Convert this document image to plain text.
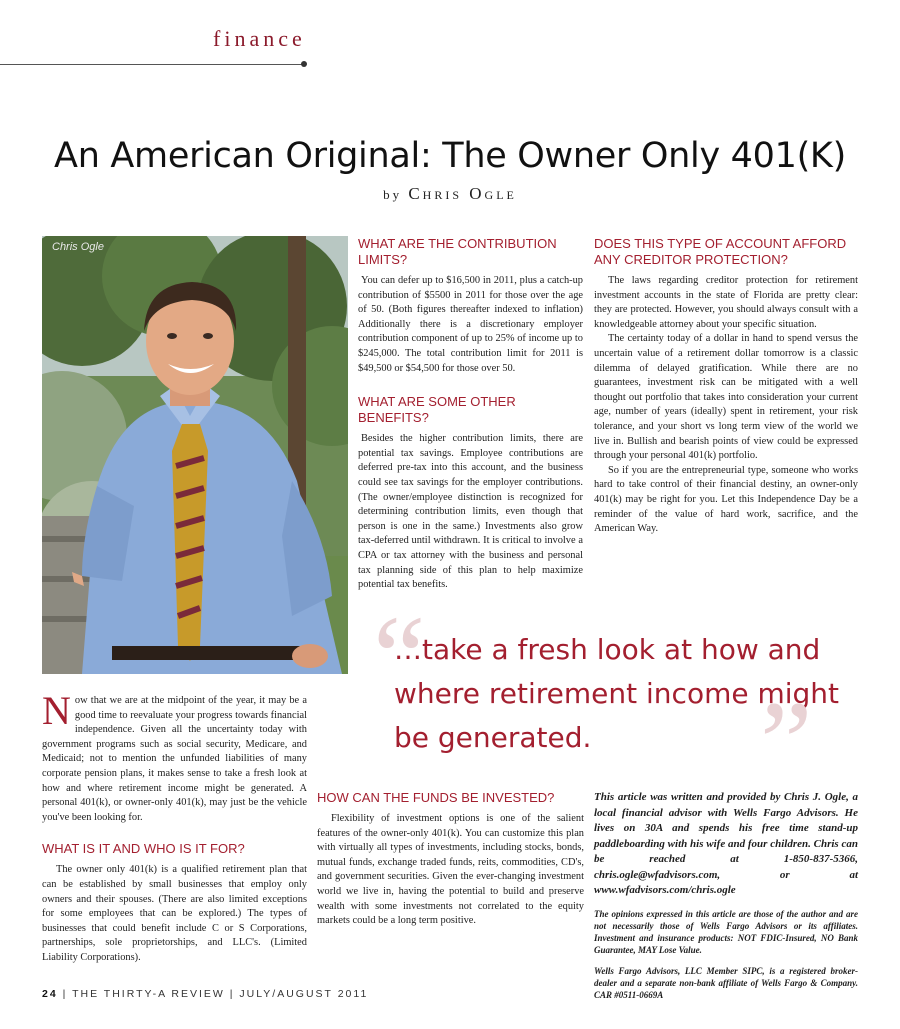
finance
An American Original: The Owner Only 401(K)
by Chris Ogle
Chris Ogle	WHAT ARE THE CONTRIBUTION LIMITS?

You can defer up to $16,500 in 2011, plus a catch-up contribution of $5500 in 2011 for those over the age of 50. (Both figures thereafter indexed to inflation) Additionally there is a discretionary employer contribution component of up to 25% of income up to $245,000. The total contribution limit for 2011 is $49,500 or $54,500 for those over 50.

WHAT ARE SOME OTHER BENEFITS?

Besides the higher contribution limits, there are potential tax savings. Employee contributions are deferred pre-tax into this account, and the business could see tax savings for the employer contributions. (The owner/employee distinction is recognized for determining contribution limits, even though that person is one in the same.) Investments also grow tax-deferred until withdrawn. It is critical to involve a CPA or tax attorney with the business and personal tax planning side of this plan to help maximize potential tax benefits.

DOES THIS TYPE OF ACCOUNT AFFORD ANY CREDITOR PROTECTION?

The laws regarding creditor protection for retirement investment accounts in the state of Florida are pretty clear: they are protected. However, you should always consult with a knowledgeable attorney about your specific situation.

The certainty today of a dollar in hand to spend versus the uncertain value of a retirement dollar tomorrow is a classic dilemma of delayed gratification. While there are no guarantees, investment risk can be mitigated with a well thought out portfolio that takes into consideration your current age, number of years (ideally) spent in retirement, your risk tolerance, and your short vs long term view of the world we live in. Bullish and bearish points of view could be expressed through your personal 401(k) portfolio.

So if you are the entrepreneurial type, someone who works hard to take control of their financial destiny, an owner-only 401(k) may be right for you. Let this Independence Day be a reminder of the value of hard work, sacrifice, and the American Way.

“
…take a fresh look at how and where retirement income might be generated.	”

Now that we are at the midpoint of the year, it may be a good time to reevaluate your progress towards financial independence. Given all the uncertainty today with government programs such as social security, Medicare, and Medicaid; not to mention the unfunded liabilities of many corporate pension plans, it makes sense to take a fresh look at how and where retirement income might be generated. A personal 401(k), or owner-only 401(k), may just be the vehicle you've been looking for.

WHAT IS IT AND WHO IS IT FOR?

The owner only 401(k) is a qualified retirement plan that can be established by small businesses that employ only owners and their spouses. (There are also limited exceptions for some employees that can be explored.) The types of businesses that could benefit include C or S Corporations, partnerships, sole proprietorships, and LLC's. (Limited Liability Corporations).

HOW CAN THE FUNDS BE INVESTED?

Flexibility of investment options is one of the salient features of the owner-only 401(k). You can customize this plan with virtually all types of investments, including stocks, bonds, mutual funds, exchange traded funds, reits, commodities, CD's, and government securities. Given the ever-changing investment world we live in, having the potential to build and preserve wealth with some investments not correlated to the equity markets could be a long term positive.

This article was written and provided by Chris J. Ogle, a local financial advisor with Wells Fargo Advisors. He lives on 30A and spends his free time stand-up paddleboarding with his wife and four children. Chris can be reached at 1-850-837-5366, chris.ogle@wfadvisors.com, or at www.wfadvisors.com/chris.ogle

The opinions expressed in this article are those of the author and are not necessarily those of Wells Fargo Advisors or its affiliates. Investment and insurance products: NOT FDIC-Insured, NO Bank Guarantee, MAY Lose Value.

Wells Fargo Advisors, LLC Member SIPC, is a registered broker-dealer and a separate non-bank affiliate of Wells Fargo & Company. CAR #0511-0669A

24 | THE THIRTY-A REVIEW | JULY/AUGUST 2011
